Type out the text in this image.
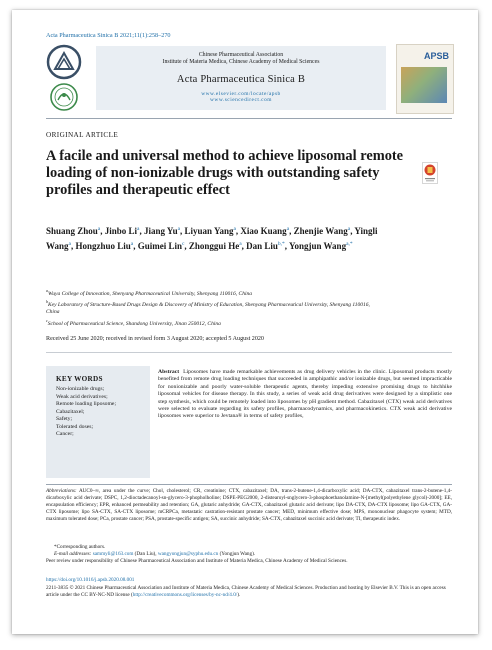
Acta Pharmaceutica Sinica B 2021;11(1):258–270
Chinese Pharmaceutical Association
Institute of Materia Medica, Chinese Academy of Medical Sciences
Acta Pharmaceutica Sinica B
www.elsevier.com/locate/apsb
www.sciencedirect.com
APSB
ORIGINAL ARTICLE
A facile and universal method to achieve liposomal remote loading of non-ionizable drugs with outstanding safety profiles and therapeutic effect
Shuang Zhou$^a$, Jinbo Li$^a$, Jiang Yu$^a$, Liyuan Yang$^a$, Xiao Kuang$^a$, Zhenjie Wang$^a$, Yingli Wang$^a$, Hongzhuo Liu$^a$, Guimei Lin$^c$, Zhonggui He$^a$, Dan Liu$^{b,*}$, Yongjun Wang$^{a,*}$
$^a$Wuya College of Innovation, Shenyang Pharmaceutical University, Shenyang 110016, China
$^b$Key Laboratory of Structure-Based Drugs Design & Discovery of Ministry of Education, Shenyang Pharmaceutical University, Shenyang 110016, China
$^c$School of Pharmaceutical Science, Shandong University, Jinan 250012, China
Received 25 June 2020; received in revised form 3 August 2020; accepted 5 August 2020
KEY WORDS
Non-ionizable drugs;
Weak acid derivatives;
Remote loading liposome;
Cabazitaxel;
Safety;
Tolerated doses;
Cancer;
Abstract Liposomes have made remarkable achievements as drug delivery vehicles in the clinic. Liposomal products mostly benefited from remote drug loading techniques that succeeded in amphipathic and/or ionizable drugs, but seemed impracticable for nonionizable and poorly water-soluble therapeutic agents, thereby impeding extensive promising drugs to hitchhike liposomal vehicles for disease therapy. In this study, a series of weak acid drug derivatives were designed by a simplistic one step synthesis, which could be remotely loaded into liposomes by pH gradient method. Cabazitaxel (CTX) weak acid derivatives were selected to evaluate regarding its safety profiles, pharmacodynamics, and pharmacokinetics. CTX weak acid derivative liposomes were superior to Jevtana® in terms of safety profiles,
Abbreviations: AUC0–∞, area under the curve; Chol, cholesterol; CR, creatinine; CTX, cabazitaxel; DA, trans-2-butene-1,4-dicarboxylic acid; DA-CTX, cabazitaxel trans-2-butene-1,4-dicarboxylic acid derivate; DSPC, 1,2-dioctadecanoyl-sn-glycero-3-phopholholine; DSPE-PEG2000, 2-distearoyl-snglycero-3-phosphoethanolamine-N-[methyl(polyethylene glycol)-2000]; EE, encapsulation efficiency; EPR, enhanced permeability and retention; GA, glutaric anhydride; GA-CTX, cabazitaxel glutaric acid derivate; lipo DA-CTX, DA-CTX liposome; lipo GA-CTX, GA-CTX liposome; lipo SA-CTX, SA-CTX liposome; mCRPCa, metastatic castration-resistant prostate cancer; MED, minimum effective dose; MPS, mononuclear phagocyte system; MTD, maximum tolerated dose; PCa, prostate cancer; PSA, prostate-specific antigen; SA, succinic anhydride; SA-CTX, cabazitaxel succinic acid derivate; TI, therapeutic index.
*Corresponding authors.
E-mail addresses: sammyli@163.com (Dan Liu), wangyongjun@syphu.edu.cn (Yongjun Wang).
Peer review under responsibility of Chinese Pharmaceutical Association and Institute of Materia Medica, Chinese Academy of Medical Sciences.
https://doi.org/10.1016/j.apsb.2020.08.001
2211-3835 © 2021 Chinese Pharmaceutical Association and Institute of Materia Medica, Chinese Academy of Medical Sciences. Production and hosting by Elsevier B.V. This is an open access article under the CC BY-NC-ND license (http://creativecommons.org/licenses/by-nc-nd/4.0/).
